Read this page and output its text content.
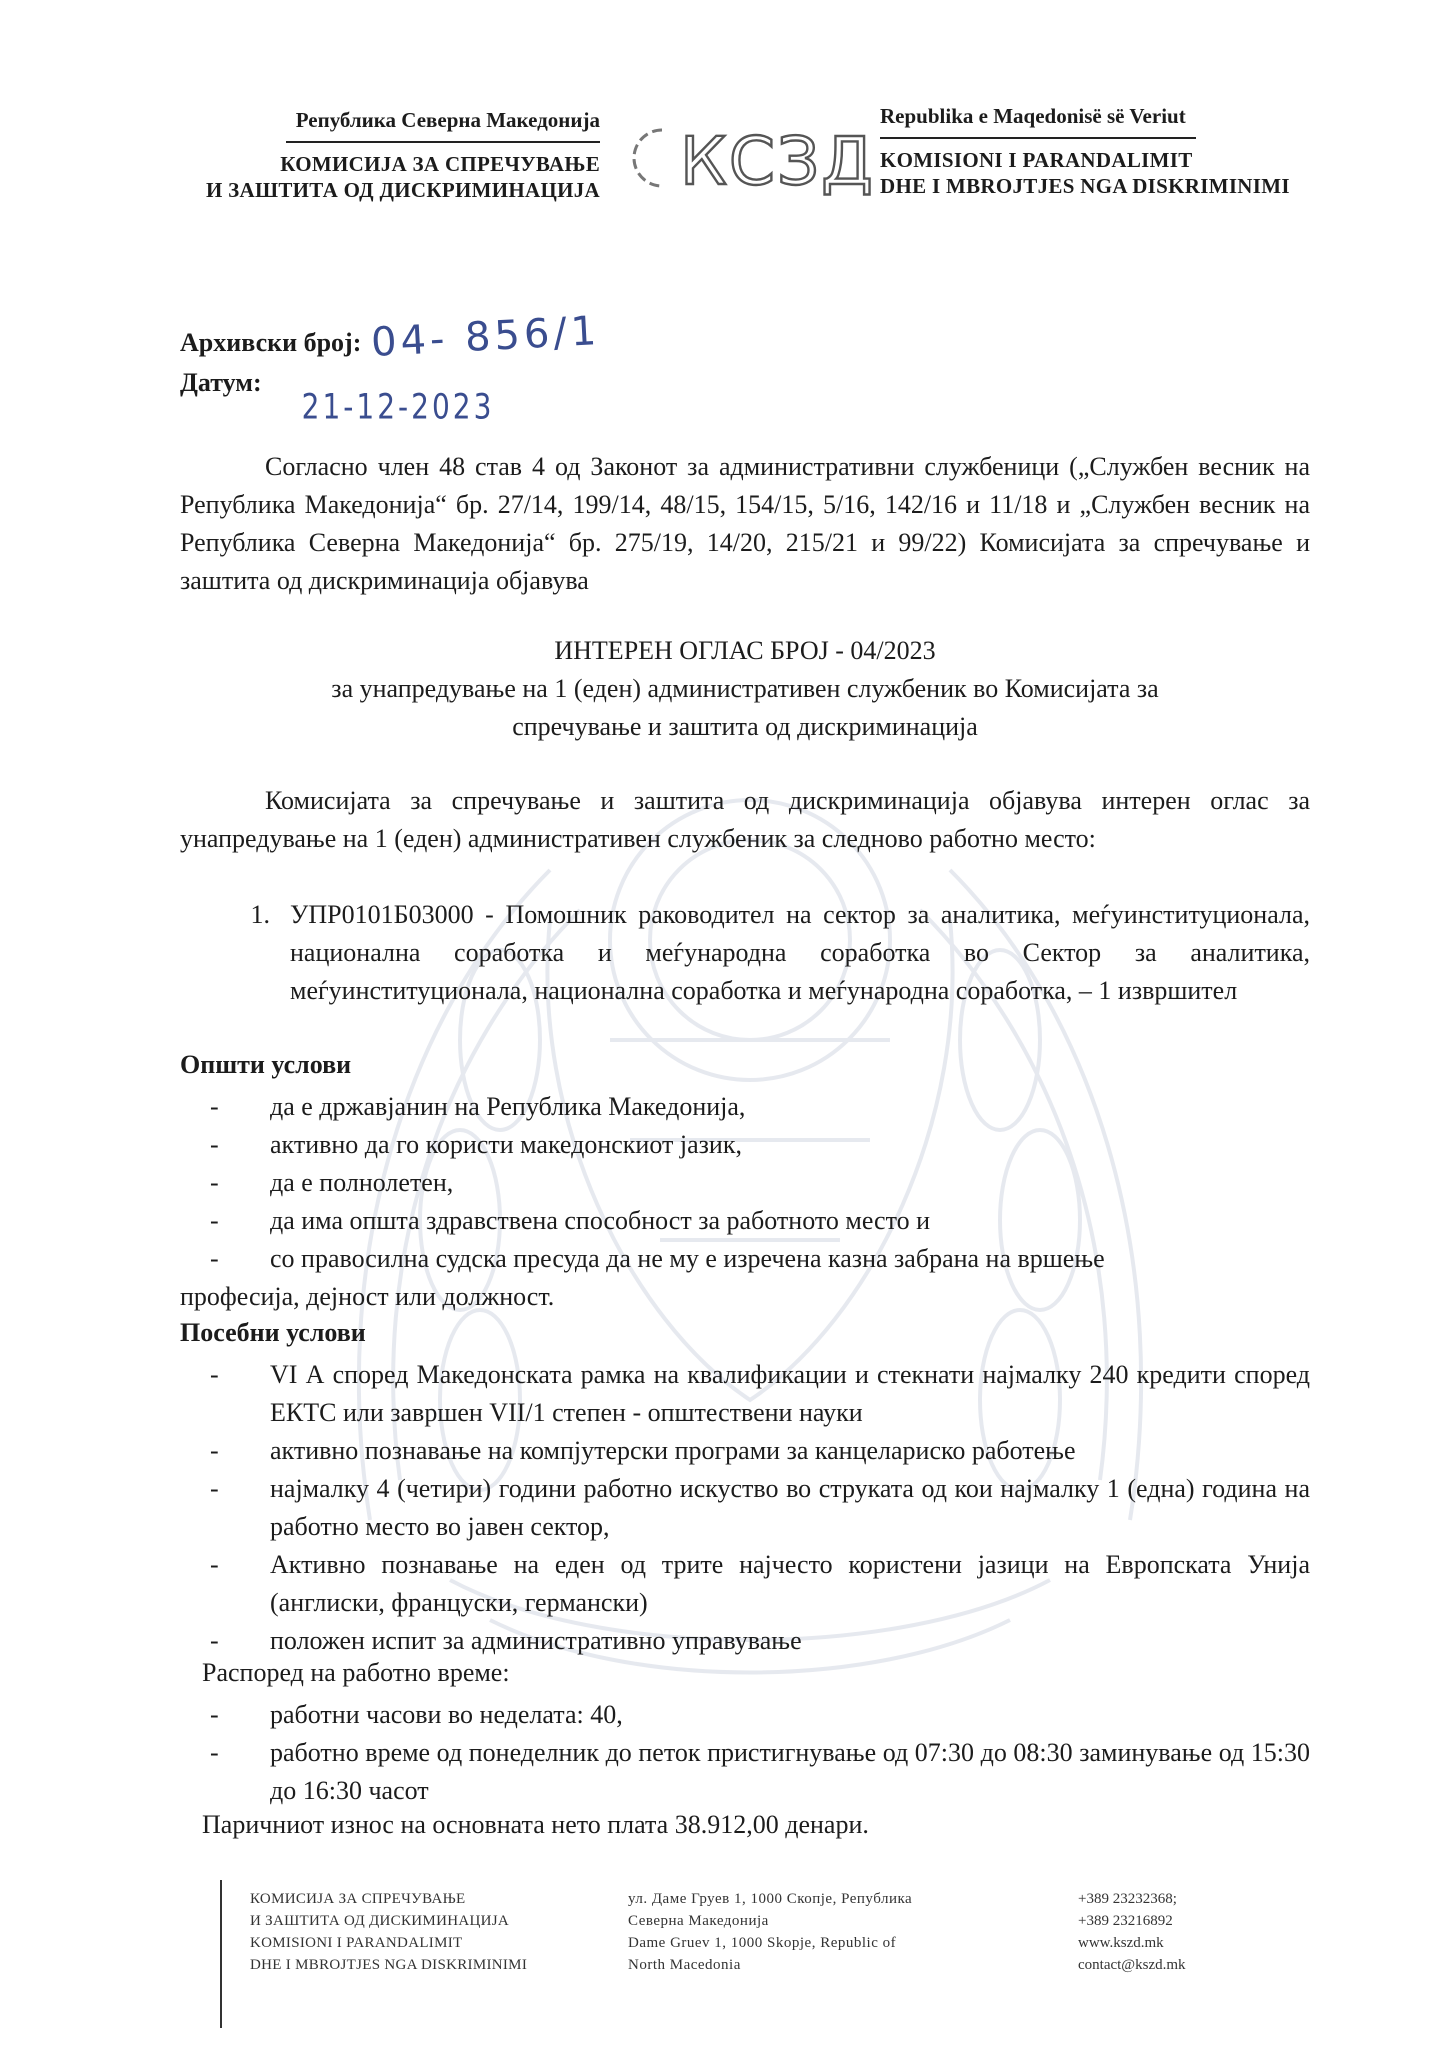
Република Северна Македонија
КОМИСИЈА ЗА СПРЕЧУВАЊЕ
И ЗАШТИТА ОД ДИСКРИМИНАЦИЈА КСЗД
Republika e Maqedonisë së Veriut
KOMISIONI I PARANDALIMIT
DHE I MBROJTJES NGA DISKRIMINIMI
Архивски број: 04- 856/1
Датум:
21-12-2023
Согласно член 48 став 4 од Законот за административни службеници („Службен весник на Република Македонија“ бр. 27/14, 199/14, 48/15, 154/15, 5/16, 142/16 и 11/18 и „Службен весник на Република Северна Македонија“ бр. 275/19, 14/20, 215/21 и 99/22) Комисијата за спречување и заштита од дискриминација објавува
ИНТЕРЕН ОГЛАС БРОЈ - 04/2023
за унапредување на 1 (еден) административен службеник во Комисијата за
спречување и заштита од дискриминација
Комисијата за спречување и заштита од дискриминација објавува интерен оглас за унапредување на 1 (еден) административен службеник за следново работно место:
1. УПР0101Б03000 - Помошник раководител на сектор за аналитика, меѓуинституционала, национална соработка и меѓународна соработка во Сектор за аналитика, меѓуинституционала, национална соработка и меѓународна соработка, – 1 извршител
Општи услови
-	да е државјанин на Република Македонија,
-	активно да го користи македонскиот јазик,
-	да е полнолетен,
-	да има општа здравствена способност за работното место и
-	со правосилна судска пресуда да не му е изречена казна забрана на вршење
професија, дејност или должност.
Посебни услови
-	VI А според Македонската рамка на квалификации и стекнати најмалку 240 кредити според ЕКТС или завршен VII/1 степен - општествени науки
-	активно познавање на компјутерски програми за канцелариско работење
-	најмалку 4 (четири) години работно искуство во струката од кои најмалку 1 (една) година на работно место во јавен сектор,
-	Активно познавање на еден од трите најчесто користени јазици на Европската Унија (англиски, француски, германски)
-	положен испит за административно управување
Распоред на работно време:
-	работни часови во неделата: 40,
-	работно време од понеделник до петок пристигнување од 07:30 до 08:30 заминување од 15:30 до 16:30 часот
Паричниот износ на основната нето плата 38.912,00 денари.
КОМИСИЈА ЗА СПРЕЧУВАЊЕ
И ЗАШТИТА ОД ДИСКИМИНАЦИЈА
KOMISIONI I PARANDALIMIT
DHE I MBROJTJES NGA DISKRIMINIMI
ул. Даме Груев 1, 1000 Скопје, Република
Северна Македонија
Dame Gruev 1, 1000 Skopje, Republic of
North Macedonia
+389 23232368;
+389 23216892
www.kszd.mk
contact@kszd.mk
